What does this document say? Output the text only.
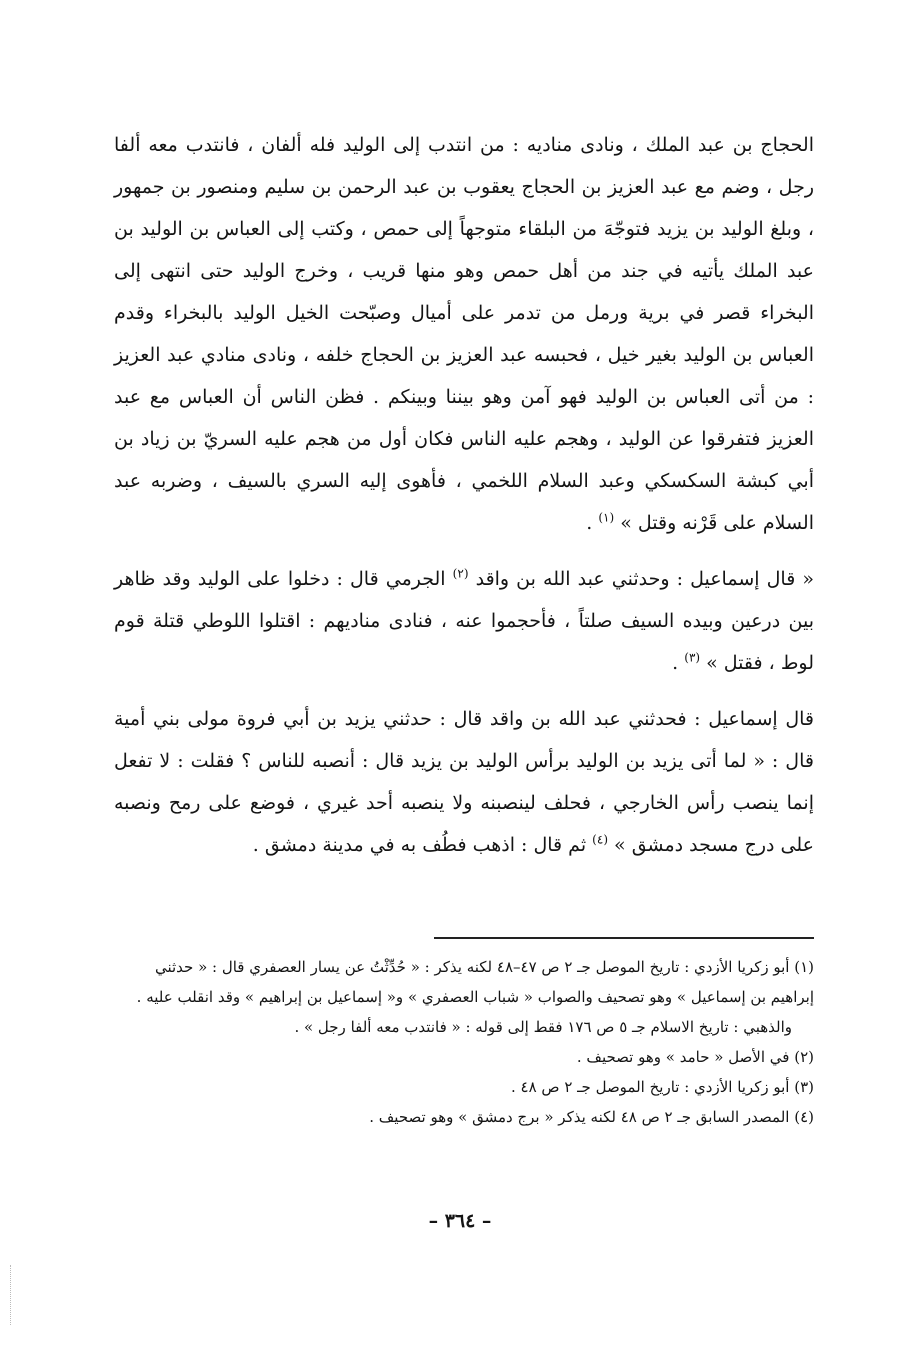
الحجاج بن عبد الملك ، ونادى مناديه : من انتدب إلى الوليد فله ألفان ، فانتدب معه ألفا رجل ، وضم مع عبد العزيز بن الحجاج يعقوب بن عبد الرحمن بن سليم ومنصور بن جمهور ، وبلغ الوليد بن يزيد فتوجّهَ من البلقاء متوجهاً إلى حمص ، وكتب إلى العباس بن الوليد بن عبد الملك يأتيه في جند من أهل حمص وهو منها قريب ، وخرج الوليد حتى انتهى إلى البخراء قصر في برية ورمل من تدمر على أميال وصبّحت الخيل الوليد بالبخراء وقدم العباس بن الوليد بغير خيل ، فحبسه عبد العزيز بن الحجاج خلفه ، ونادى منادي عبد العزيز : من أتى العباس بن الوليد فهو آمن وهو بيننا وبينكم . فظن الناس أن العباس مع عبد العزيز فتفرقوا عن الوليد ، وهجم عليه الناس فكان أول من هجم عليه السريّ بن زياد بن أبي كبشة السكسكي وعبد السلام اللخمي ، فأهوى إليه السري بالسيف ، وضربه عبد السلام على قَرْنه وقتل » $^{(١)}$ .

« قال إسماعيل : وحدثني عبد الله بن واقد $^{(٢)}$ الجرمي قال : دخلوا على الوليد وقد ظاهر بين درعين وبيده السيف صلتاً ، فأحجموا عنه ، فنادى مناديهم : اقتلوا اللوطي قتلة قوم لوط ، فقتل » $^{(٣)}$ .

قال إسماعيل : فحدثني عبد الله بن واقد قال : حدثني يزيد بن أبي فروة مولى بني أمية قال : « لما أتى يزيد بن الوليد برأس الوليد بن يزيد قال : أنصبه للناس ؟ فقلت : لا تفعل إنما ينصب رأس الخارجي ، فحلف لينصبنه ولا ينصبه أحد غيري ، فوضع على رمح ونصبه على درج مسجد دمشق » $^{(٤)}$ ثم قال : اذهب فطُف به في مدينة دمشق .

(١) أبو زكريا الأزدي : تاريخ الموصل جـ ٢ ص ٤٧–٤٨ لكنه يذكر : « حُدِّثْتُ عن يسار العصفري قال : « حدثني إبراهيم بن إسماعيل » وهو تصحيف والصواب « شباب العصفري » و« إسماعيل بن إبراهيم » وقد انقلب عليه .

والذهبي : تاريخ الاسلام جـ ٥ ص ١٧٦ فقط إلى قوله : « فانتدب معه ألفا رجل » .

(٢) في الأصل « حامد » وهو تصحيف .

(٣) أبو زكريا الأزدي : تاريخ الموصل جـ ٢ ص ٤٨ .

(٤) المصدر السابق جـ ٢ ص ٤٨ لكنه يذكر « برج دمشق » وهو تصحيف .

– ٣٦٤ –
